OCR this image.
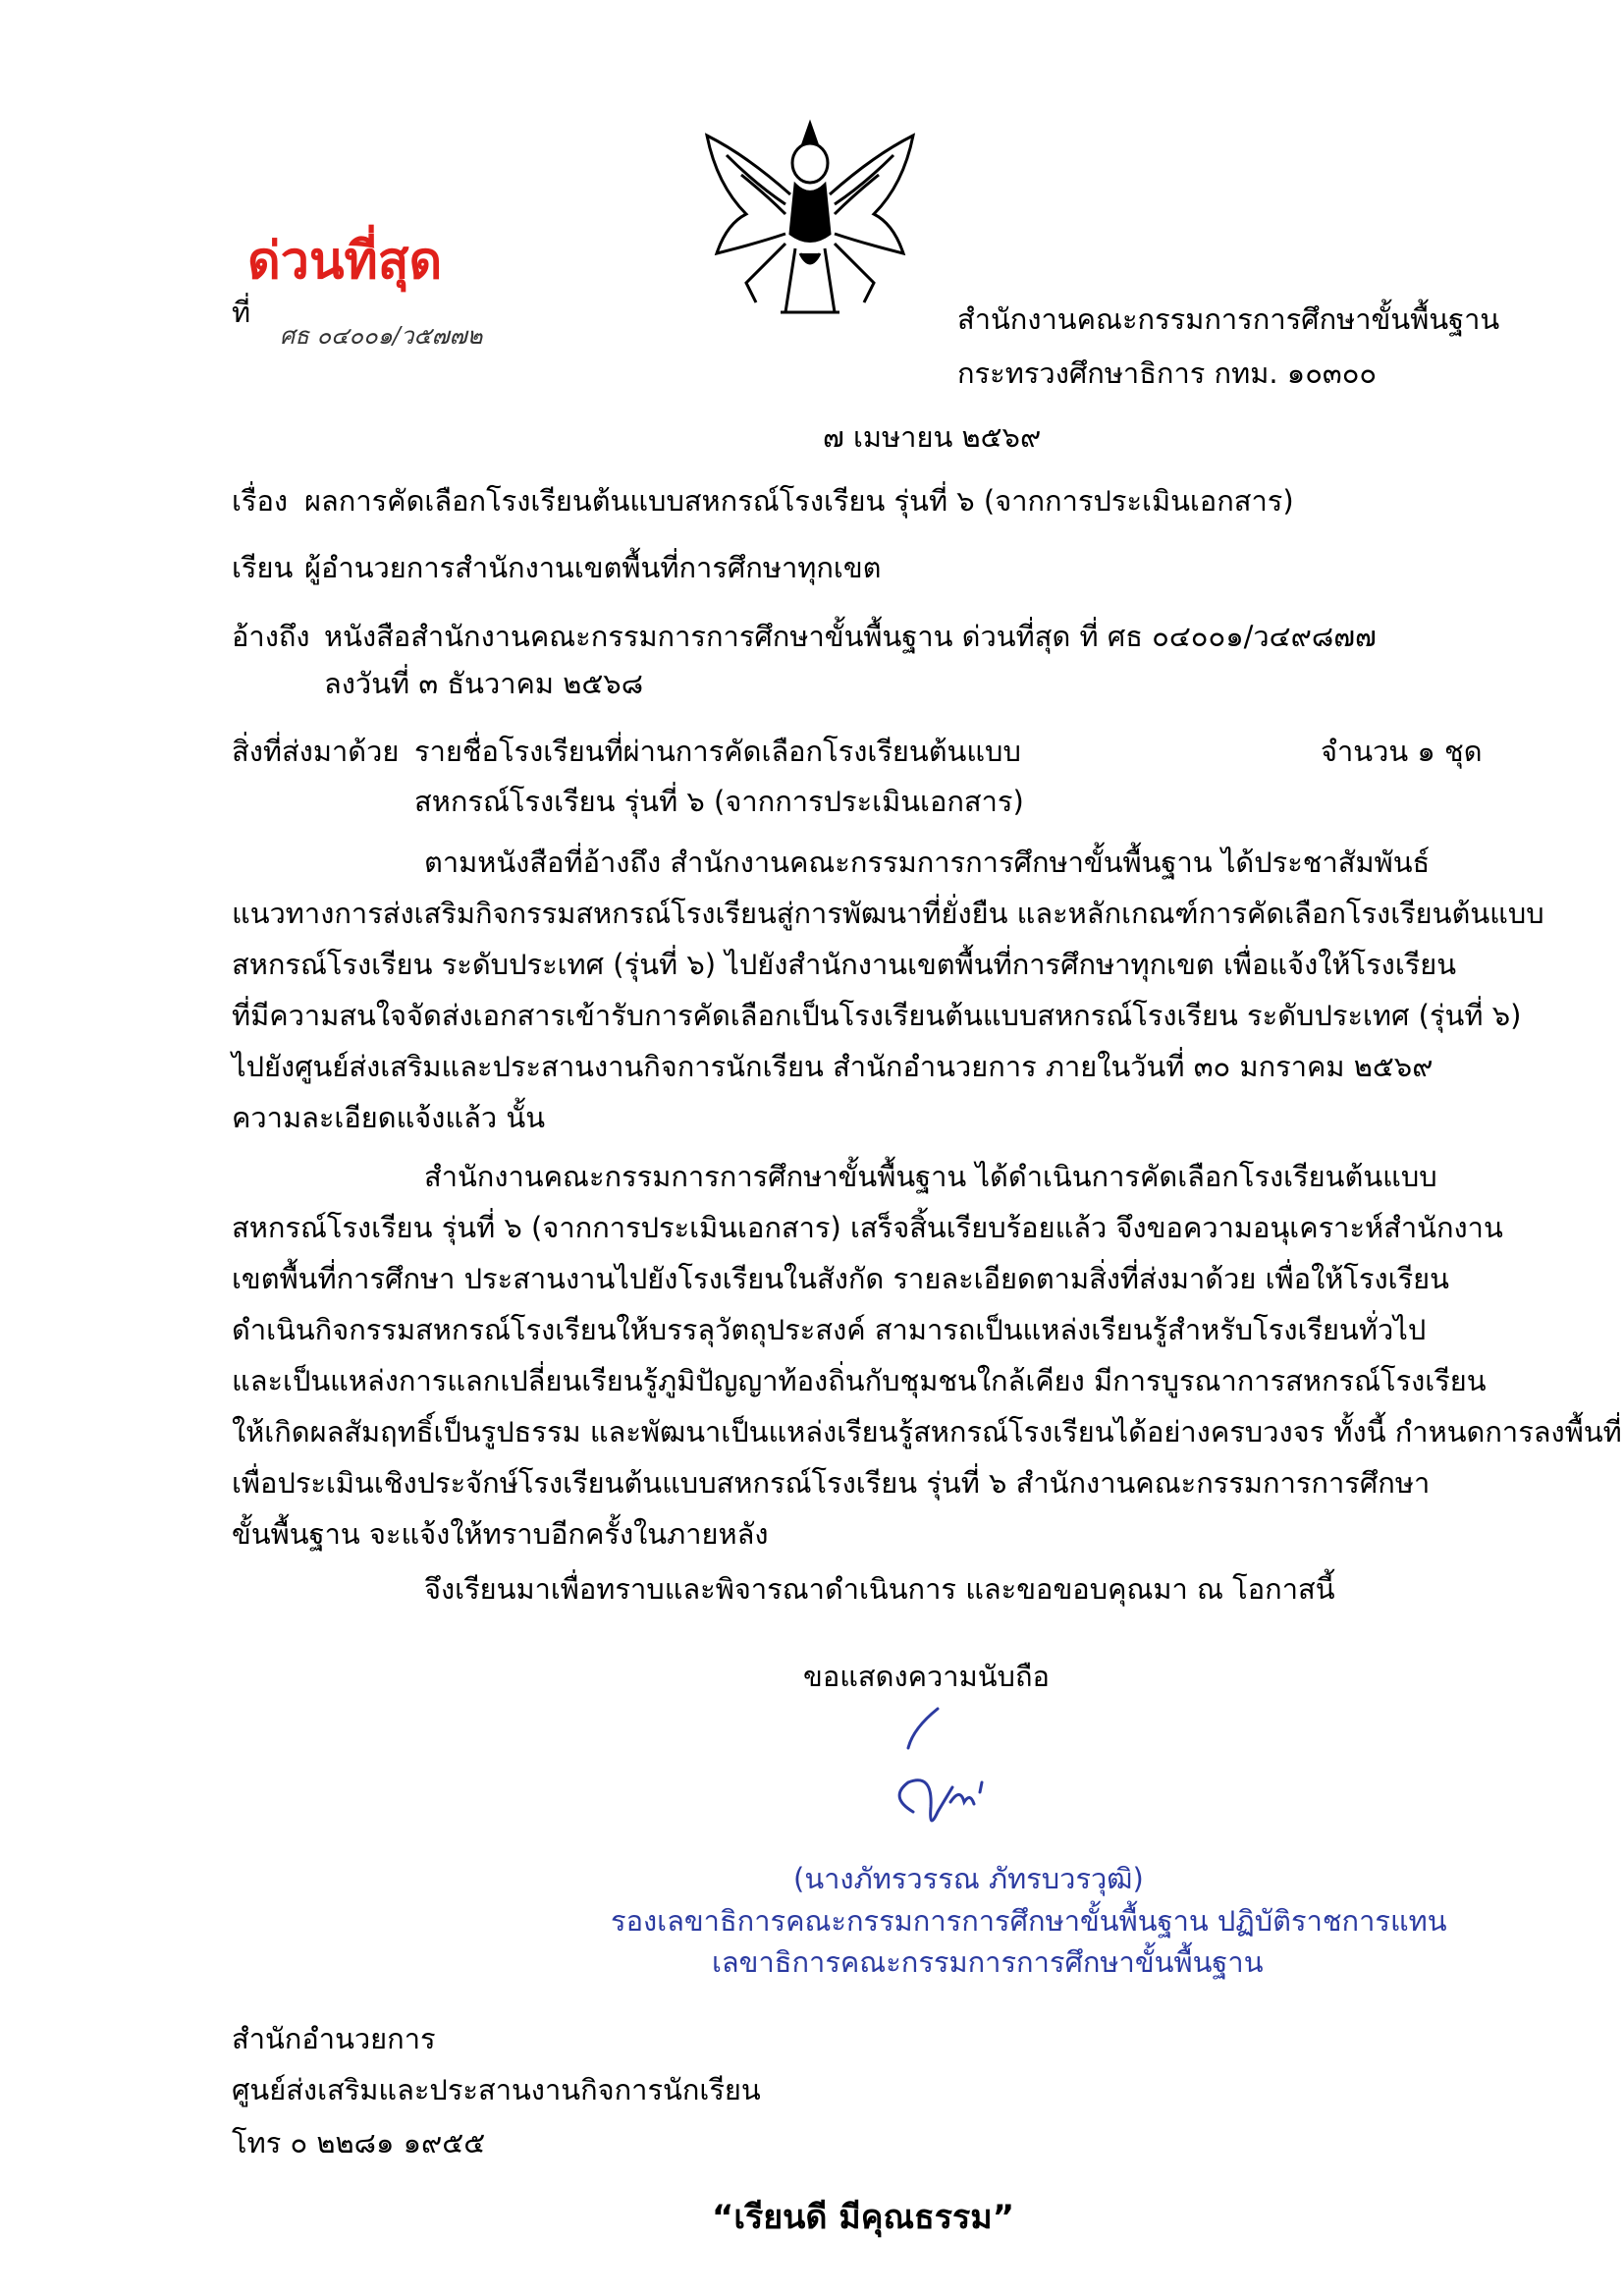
ด่วนที่สุด
ที่
ศธ ๐๔๐๐๑/ว๕๗๗๒	สำนักงานคณะกรรมการการศึกษาขั้นพื้นฐาน
กระทรวงศึกษาธิการ กทม. ๑๐๓๐๐
๗ เมษายน ๒๕๖๙
เรื่อง ผลการคัดเลือกโรงเรียนต้นแบบสหกรณ์โรงเรียน รุ่นที่ ๖ (จากการประเมินเอกสาร)
เรียน ผู้อำนวยการสำนักงานเขตพื้นที่การศึกษาทุกเขต
อ้างถึง หนังสือสำนักงานคณะกรรมการการศึกษาขั้นพื้นฐาน ด่วนที่สุด ที่ ศธ ๐๔๐๐๑/ว๔๙๘๗๗
ลงวันที่ ๓ ธันวาคม ๒๕๖๘
สิ่งที่ส่งมาด้วย รายชื่อโรงเรียนที่ผ่านการคัดเลือกโรงเรียนต้นแบบ
สหกรณ์โรงเรียน รุ่นที่ ๖ (จากการประเมินเอกสาร)
จำนวน ๑ ชุด
ตามหนังสือที่อ้างถึง สำนักงานคณะกรรมการการศึกษาขั้นพื้นฐาน ได้ประชาสัมพันธ์
แนวทางการส่งเสริมกิจกรรมสหกรณ์โรงเรียนสู่การพัฒนาที่ยั่งยืน และหลักเกณฑ์การคัดเลือกโรงเรียนต้นแบบ
สหกรณ์โรงเรียน ระดับประเทศ (รุ่นที่ ๖) ไปยังสำนักงานเขตพื้นที่การศึกษาทุกเขต เพื่อแจ้งให้โรงเรียน
ที่มีความสนใจจัดส่งเอกสารเข้ารับการคัดเลือกเป็นโรงเรียนต้นแบบสหกรณ์โรงเรียน ระดับประเทศ (รุ่นที่ ๖)
ไปยังศูนย์ส่งเสริมและประสานงานกิจการนักเรียน สำนักอำนวยการ ภายในวันที่ ๓๐ มกราคม ๒๕๖๙
ความละเอียดแจ้งแล้ว นั้น
สำนักงานคณะกรรมการการศึกษาขั้นพื้นฐาน ได้ดำเนินการคัดเลือกโรงเรียนต้นแบบ
สหกรณ์โรงเรียน รุ่นที่ ๖ (จากการประเมินเอกสาร) เสร็จสิ้นเรียบร้อยแล้ว จึงขอความอนุเคราะห์สำนักงาน
เขตพื้นที่การศึกษา ประสานงานไปยังโรงเรียนในสังกัด รายละเอียดตามสิ่งที่ส่งมาด้วย เพื่อให้โรงเรียน
ดำเนินกิจกรรมสหกรณ์โรงเรียนให้บรรลุวัตถุประสงค์ สามารถเป็นแหล่งเรียนรู้สำหรับโรงเรียนทั่วไป
และเป็นแหล่งการแลกเปลี่ยนเรียนรู้ภูมิปัญญาท้องถิ่นกับชุมชนใกล้เคียง มีการบูรณาการสหกรณ์โรงเรียน
ให้เกิดผลสัมฤทธิ์เป็นรูปธรรม และพัฒนาเป็นแหล่งเรียนรู้สหกรณ์โรงเรียนได้อย่างครบวงจร ทั้งนี้ กำหนดการลงพื้นที่
เพื่อประเมินเชิงประจักษ์โรงเรียนต้นแบบสหกรณ์โรงเรียน รุ่นที่ ๖ สำนักงานคณะกรรมการการศึกษา
ขั้นพื้นฐาน จะแจ้งให้ทราบอีกครั้งในภายหลัง
จึงเรียนมาเพื่อทราบและพิจารณาดำเนินการ และขอขอบคุณมา ณ โอกาสนี้
ขอแสดงความนับถือ
(นางภัทรวรรณ ภัทรบวรวุฒิ)
รองเลขาธิการคณะกรรมการการศึกษาขั้นพื้นฐาน ปฏิบัติราชการแทน
เลขาธิการคณะกรรมการการศึกษาขั้นพื้นฐาน
สำนักอำนวยการ
ศูนย์ส่งเสริมและประสานงานกิจการนักเรียน
โทร ๐ ๒๒๘๑ ๑๙๕๕
“เรียนดี มีคุณธรรม”
